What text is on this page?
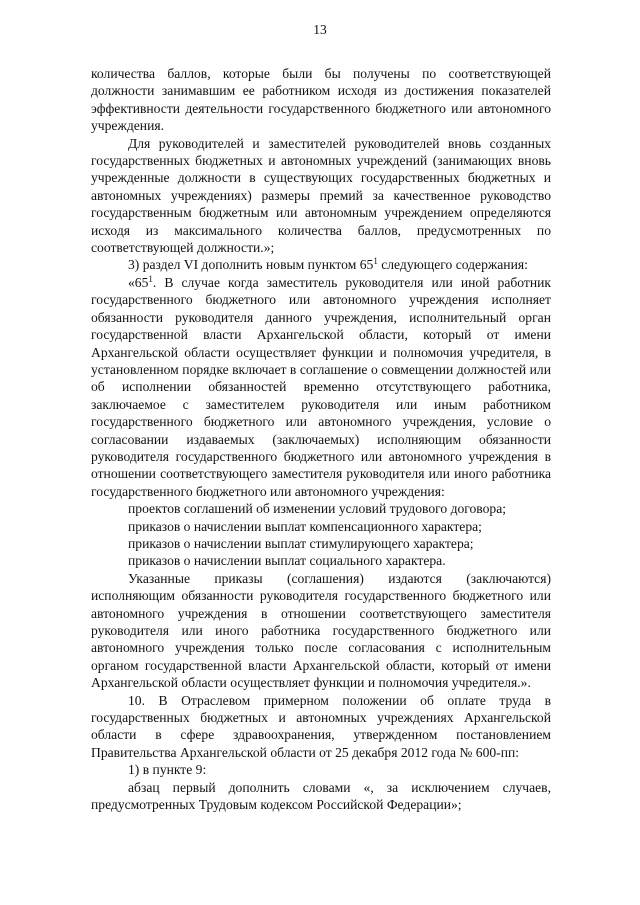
13

количества баллов, которые были бы получены по соответствующей должности занимавшим ее работником исходя из достижения показателей эффективности деятельности государственного бюджетного или автономного учреждения.

Для руководителей и заместителей руководителей вновь созданных государственных бюджетных и автономных учреждений (занимающих вновь учрежденные должности в существующих государственных бюджетных и автономных учреждениях) размеры премий за качественное руководство государственным бюджетным или автономным учреждением определяются исходя из максимального количества баллов, предусмотренных по соответствующей должности.»;

3) раздел VI дополнить новым пунктом $65^1$ следующего содержания:

«$65^1$. В случае когда заместитель руководителя или иной работник государственного бюджетного или автономного учреждения исполняет обязанности руководителя данного учреждения, исполнительный орган государственной власти Архангельской области, который от имени Архангельской области осуществляет функции и полномочия учредителя, в установленном порядке включает в соглашение о совмещении должностей или об исполнении обязанностей временно отсутствующего работника, заключаемое с заместителем руководителя или иным работником государственного бюджетного или автономного учреждения, условие о согласовании издаваемых (заключаемых) исполняющим обязанности руководителя государственного бюджетного или автономного учреждения в отношении соответствующего заместителя руководителя или иного работника государственного бюджетного или автономного учреждения:

проектов соглашений об изменении условий трудового договора;

приказов о начислении выплат компенсационного характера;

приказов о начислении выплат стимулирующего характера;

приказов о начислении выплат социального характера.

Указанные приказы (соглашения) издаются (заключаются) исполняющим обязанности руководителя государственного бюджетного или автономного учреждения в отношении соответствующего заместителя руководителя или иного работника государственного бюджетного или автономного учреждения только после согласования с исполнительным органом государственной власти Архангельской области, который от имени Архангельской области осуществляет функции и полномочия учредителя.».

10. В Отраслевом примерном положении об оплате труда в государственных бюджетных и автономных учреждениях Архангельской области в сфере здравоохранения, утвержденном постановлением Правительства Архангельской области от 25 декабря 2012 года № 600-пп:

1) в пункте 9:

абзац первый дополнить словами «, за исключением случаев, предусмотренных Трудовым кодексом Российской Федерации»;
